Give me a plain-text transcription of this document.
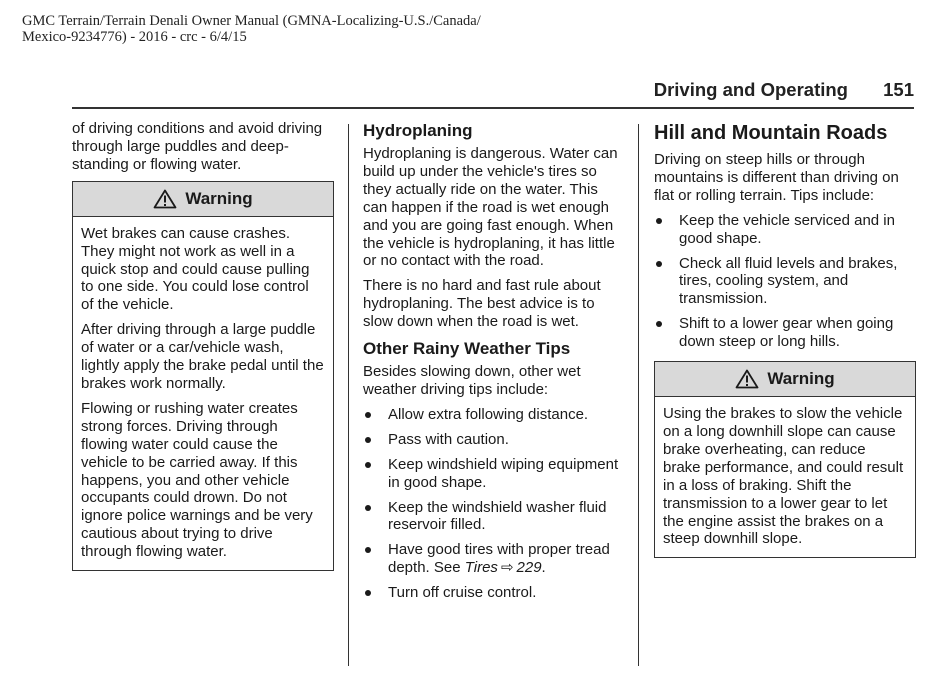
GMC Terrain/Terrain Denali Owner Manual (GMNA-Localizing-U.S./Canada/
Mexico-9234776) - 2016 - crc - 6/4/15
Driving and Operating 151

of driving conditions and avoid driving through large puddles and deep-standing or flowing water.

Warning

Wet brakes can cause crashes. They might not work as well in a quick stop and could cause pulling to one side. You could lose control of the vehicle.

After driving through a large puddle of water or a car/vehicle wash, lightly apply the brake pedal until the brakes work normally.

Flowing or rushing water creates strong forces. Driving through flowing water could cause the vehicle to be carried away. If this happens, you and other vehicle occupants could drown. Do not ignore police warnings and be very cautious about trying to drive through flowing water.

Hydroplaning

Hydroplaning is dangerous. Water can build up under the vehicle's tires so they actually ride on the water. This can happen if the road is wet enough and you are going fast enough. When the vehicle is hydroplaning, it has little or no contact with the road.

There is no hard and fast rule about hydroplaning. The best advice is to slow down when the road is wet.

Other Rainy Weather Tips

Besides slowing down, other wet weather driving tips include:

Allow extra following distance.
Pass with caution.
Keep windshield wiping equipment in good shape.
Keep the windshield washer fluid reservoir filled.
Have good tires with proper tread depth. See Tires ⇨ 229.
Turn off cruise control.
Hill and Mountain Roads

Driving on steep hills or through mountains is different than driving on flat or rolling terrain. Tips include:

Keep the vehicle serviced and in good shape.
Check all fluid levels and brakes, tires, cooling system, and transmission.
Shift to a lower gear when going down steep or long hills.
Warning

Using the brakes to slow the vehicle on a long downhill slope can cause brake overheating, can reduce brake performance, and could result in a loss of braking. Shift the transmission to a lower gear to let the engine assist the brakes on a steep downhill slope.
